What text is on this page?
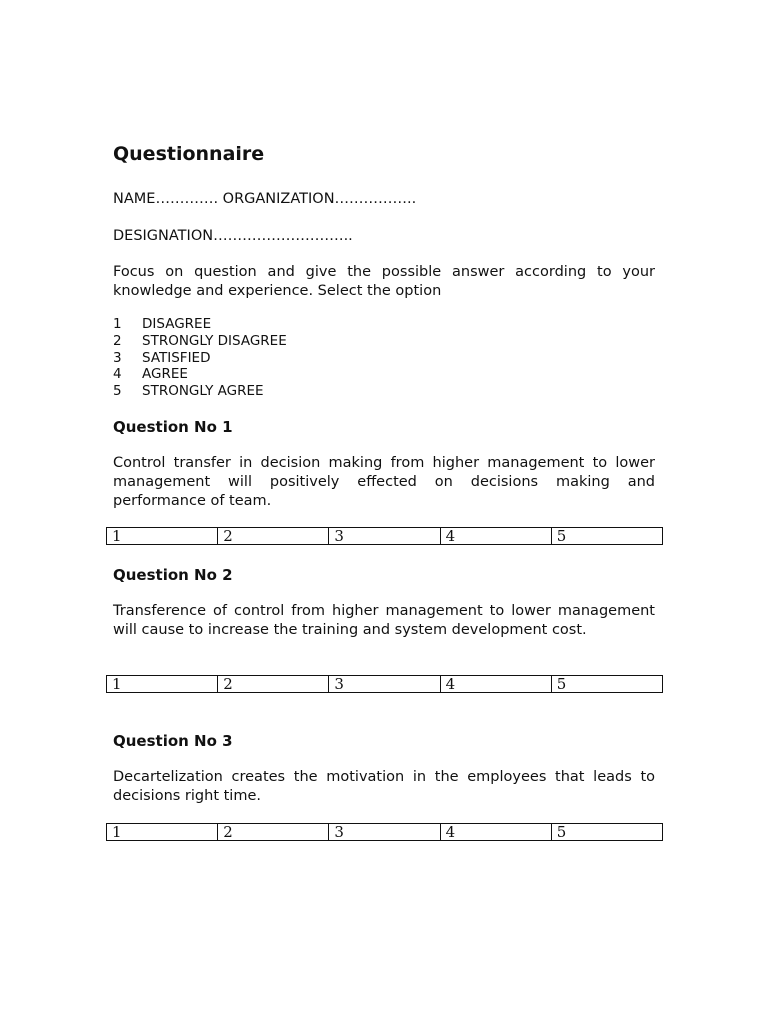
Questionnaire
NAME…………. ORGANIZATION……………..
DESIGNATION………………………..

Focus on question and give the possible answer according to your knowledge and experience. Select the option

1	DISAGREE
2	STRONGLY DISAGREE
3	SATISFIED
4	AGREE
5	STRONGLY AGREE
Question No 1

Control transfer in decision making from higher management to lower management will positively effected on decisions making and performance of team.

1	2	3	4	5
Question No 2

Transference of control from higher management to lower management will cause to increase the training and system development cost.

1	2	3	4	5
Question No 3

Decartelization creates the motivation in the employees that leads to decisions right time.

1	2	3	4	5
